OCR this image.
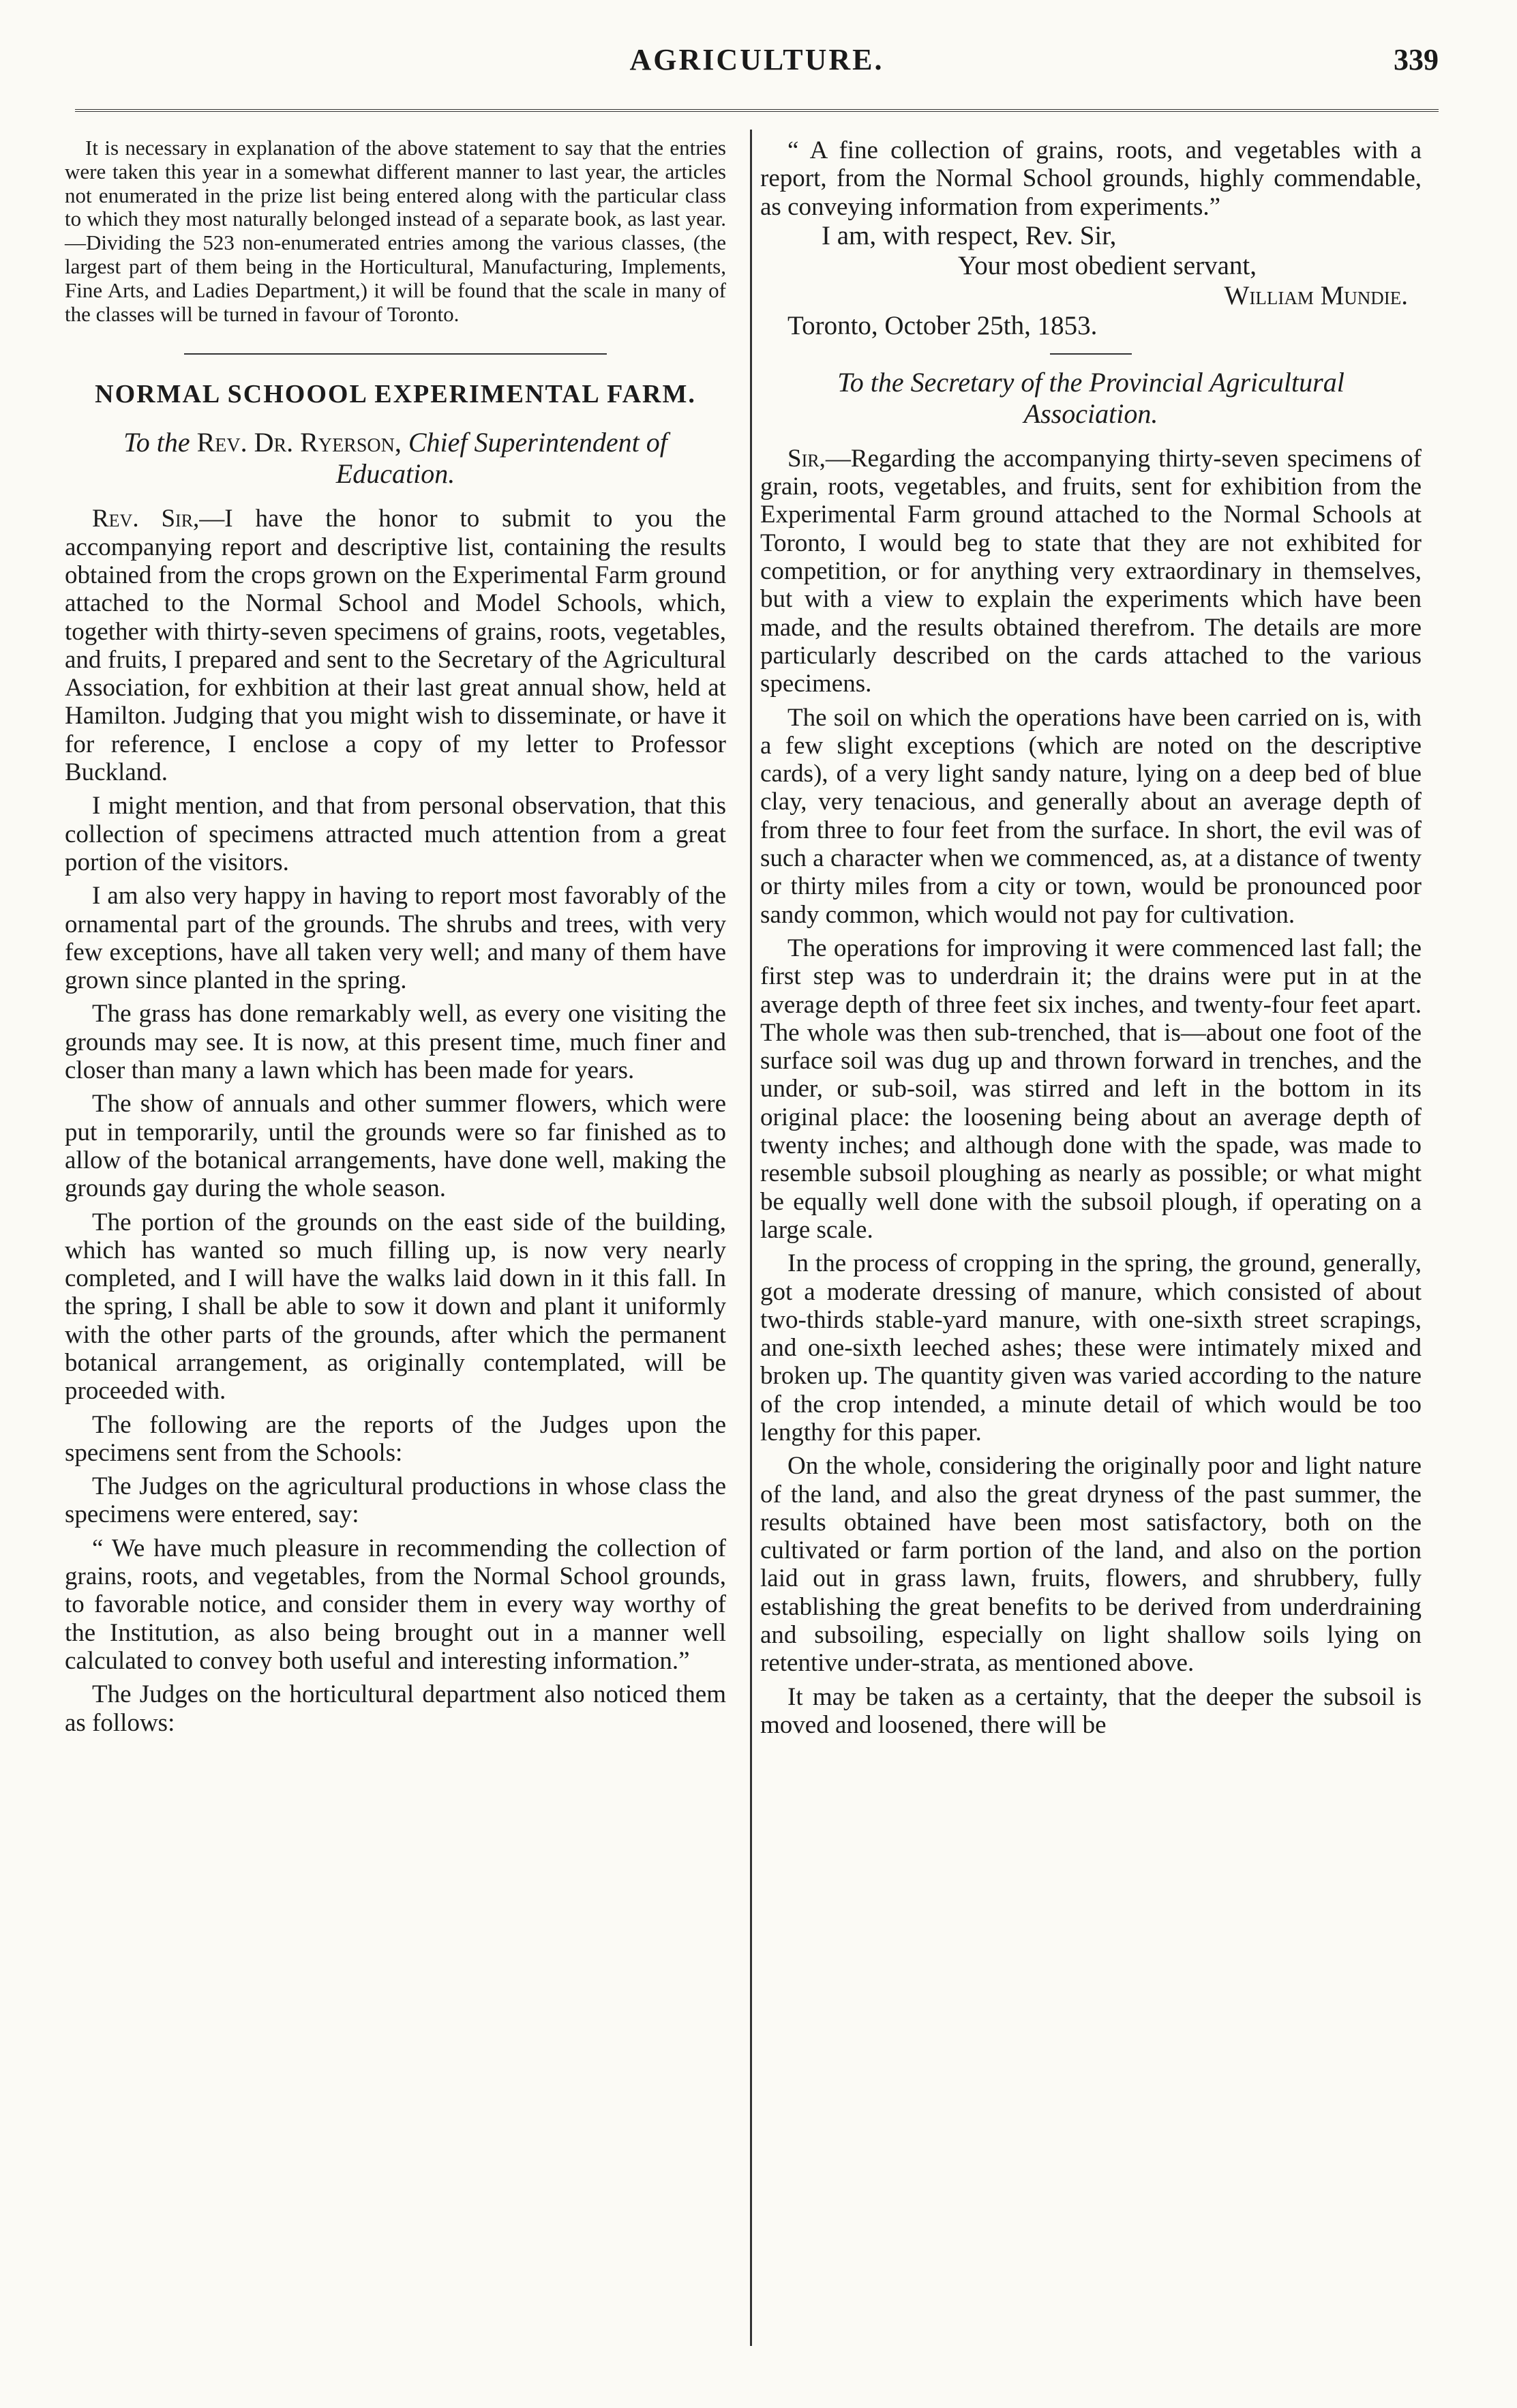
AGRICULTURE.	339

It is necessary in explanation of the above statement to say that the entries were taken this year in a somewhat different manner to last year, the articles not enumerated in the prize list being entered along with the particular class to which they most naturally belonged instead of a separate book, as last year.—Dividing the 523 non-enumerated entries among the various classes, (the largest part of them being in the Horticultural, Manufacturing, Implements, Fine Arts, and Ladies Department,) it will be found that the scale in many of the classes will be turned in favour of Toronto.

NORMAL SCHOOOL EXPERIMENTAL FARM.
To the Rev. Dr. Ryerson, Chief Superintendent of Education.

Rev. Sir,—I have the honor to submit to you the accompanying report and descriptive list, containing the results obtained from the crops grown on the Experimental Farm ground attached to the Normal School and Model Schools, which, together with thirty-seven specimens of grains, roots, vegetables, and fruits, I prepared and sent to the Secretary of the Agricultural Association, for exhbition at their last great annual show, held at Hamilton. Judging that you might wish to disseminate, or have it for reference, I enclose a copy of my letter to Professor Buckland.

I might mention, and that from personal observation, that this collection of specimens attracted much attention from a great portion of the visitors.

I am also very happy in having to report most favorably of the ornamental part of the grounds. The shrubs and trees, with very few exceptions, have all taken very well; and many of them have grown since planted in the spring.

The grass has done remarkably well, as every one visiting the grounds may see. It is now, at this present time, much finer and closer than many a lawn which has been made for years.

The show of annuals and other summer flowers, which were put in temporarily, until the grounds were so far finished as to allow of the botanical arrangements, have done well, making the grounds gay during the whole season.

The portion of the grounds on the east side of the building, which has wanted so much filling up, is now very nearly completed, and I will have the walks laid down in it this fall. In the spring, I shall be able to sow it down and plant it uniformly with the other parts of the grounds, after which the permanent botanical arrangement, as originally contemplated, will be proceeded with.

The following are the reports of the Judges upon the specimens sent from the Schools:

The Judges on the agricultural productions in whose class the specimens were entered, say:

“ We have much pleasure in recommending the collection of grains, roots, and vegetables, from the Normal School grounds, to favorable notice, and consider them in every way worthy of the Institution, as also being brought out in a manner well calculated to convey both useful and interesting information.”

The Judges on the horticultural department also noticed them as follows:

“ A fine collection of grains, roots, and vegetables with a report, from the Normal School grounds, highly commendable, as conveying information from experiments.”

I am, with respect, Rev. Sir,
Your most obedient servant,
William Mundie.
Toronto, October 25th, 1853.
To the Secretary of the Provincial Agricultural
Association.

Sir,—Regarding the accompanying thirty-seven specimens of grain, roots, vegetables, and fruits, sent for exhibition from the Experimental Farm ground attached to the Normal Schools at Toronto, I would beg to state that they are not exhibited for competition, or for anything very extraordinary in themselves, but with a view to explain the experiments which have been made, and the results obtained therefrom. The details are more particularly described on the cards attached to the various specimens.

The soil on which the operations have been carried on is, with a few slight exceptions (which are noted on the descriptive cards), of a very light sandy nature, lying on a deep bed of blue clay, very tenacious, and generally about an average depth of from three to four feet from the surface. In short, the evil was of such a character when we commenced, as, at a distance of twenty or thirty miles from a city or town, would be pronounced poor sandy common, which would not pay for cultivation.

The operations for improving it were commenced last fall; the first step was to underdrain it; the drains were put in at the average depth of three feet six inches, and twenty-four feet apart. The whole was then sub-trenched, that is—about one foot of the surface soil was dug up and thrown forward in trenches, and the under, or sub-soil, was stirred and left in the bottom in its original place: the loosening being about an average depth of twenty inches; and although done with the spade, was made to resemble subsoil ploughing as nearly as possible; or what might be equally well done with the subsoil plough, if operating on a large scale.

In the process of cropping in the spring, the ground, generally, got a moderate dressing of manure, which consisted of about two-thirds stable-yard manure, with one-sixth street scrapings, and one-sixth leeched ashes; these were intimately mixed and broken up. The quantity given was varied according to the nature of the crop intended, a minute detail of which would be too lengthy for this paper.

On the whole, considering the originally poor and light nature of the land, and also the great dryness of the past summer, the results obtained have been most satisfactory, both on the cultivated or farm portion of the land, and also on the portion laid out in grass lawn, fruits, flowers, and shrubbery, fully establishing the great benefits to be derived from underdraining and subsoiling, especially on light shallow soils lying on retentive under-strata, as mentioned above.

It may be taken as a certainty, that the deeper the subsoil is moved and loosened, there will be
